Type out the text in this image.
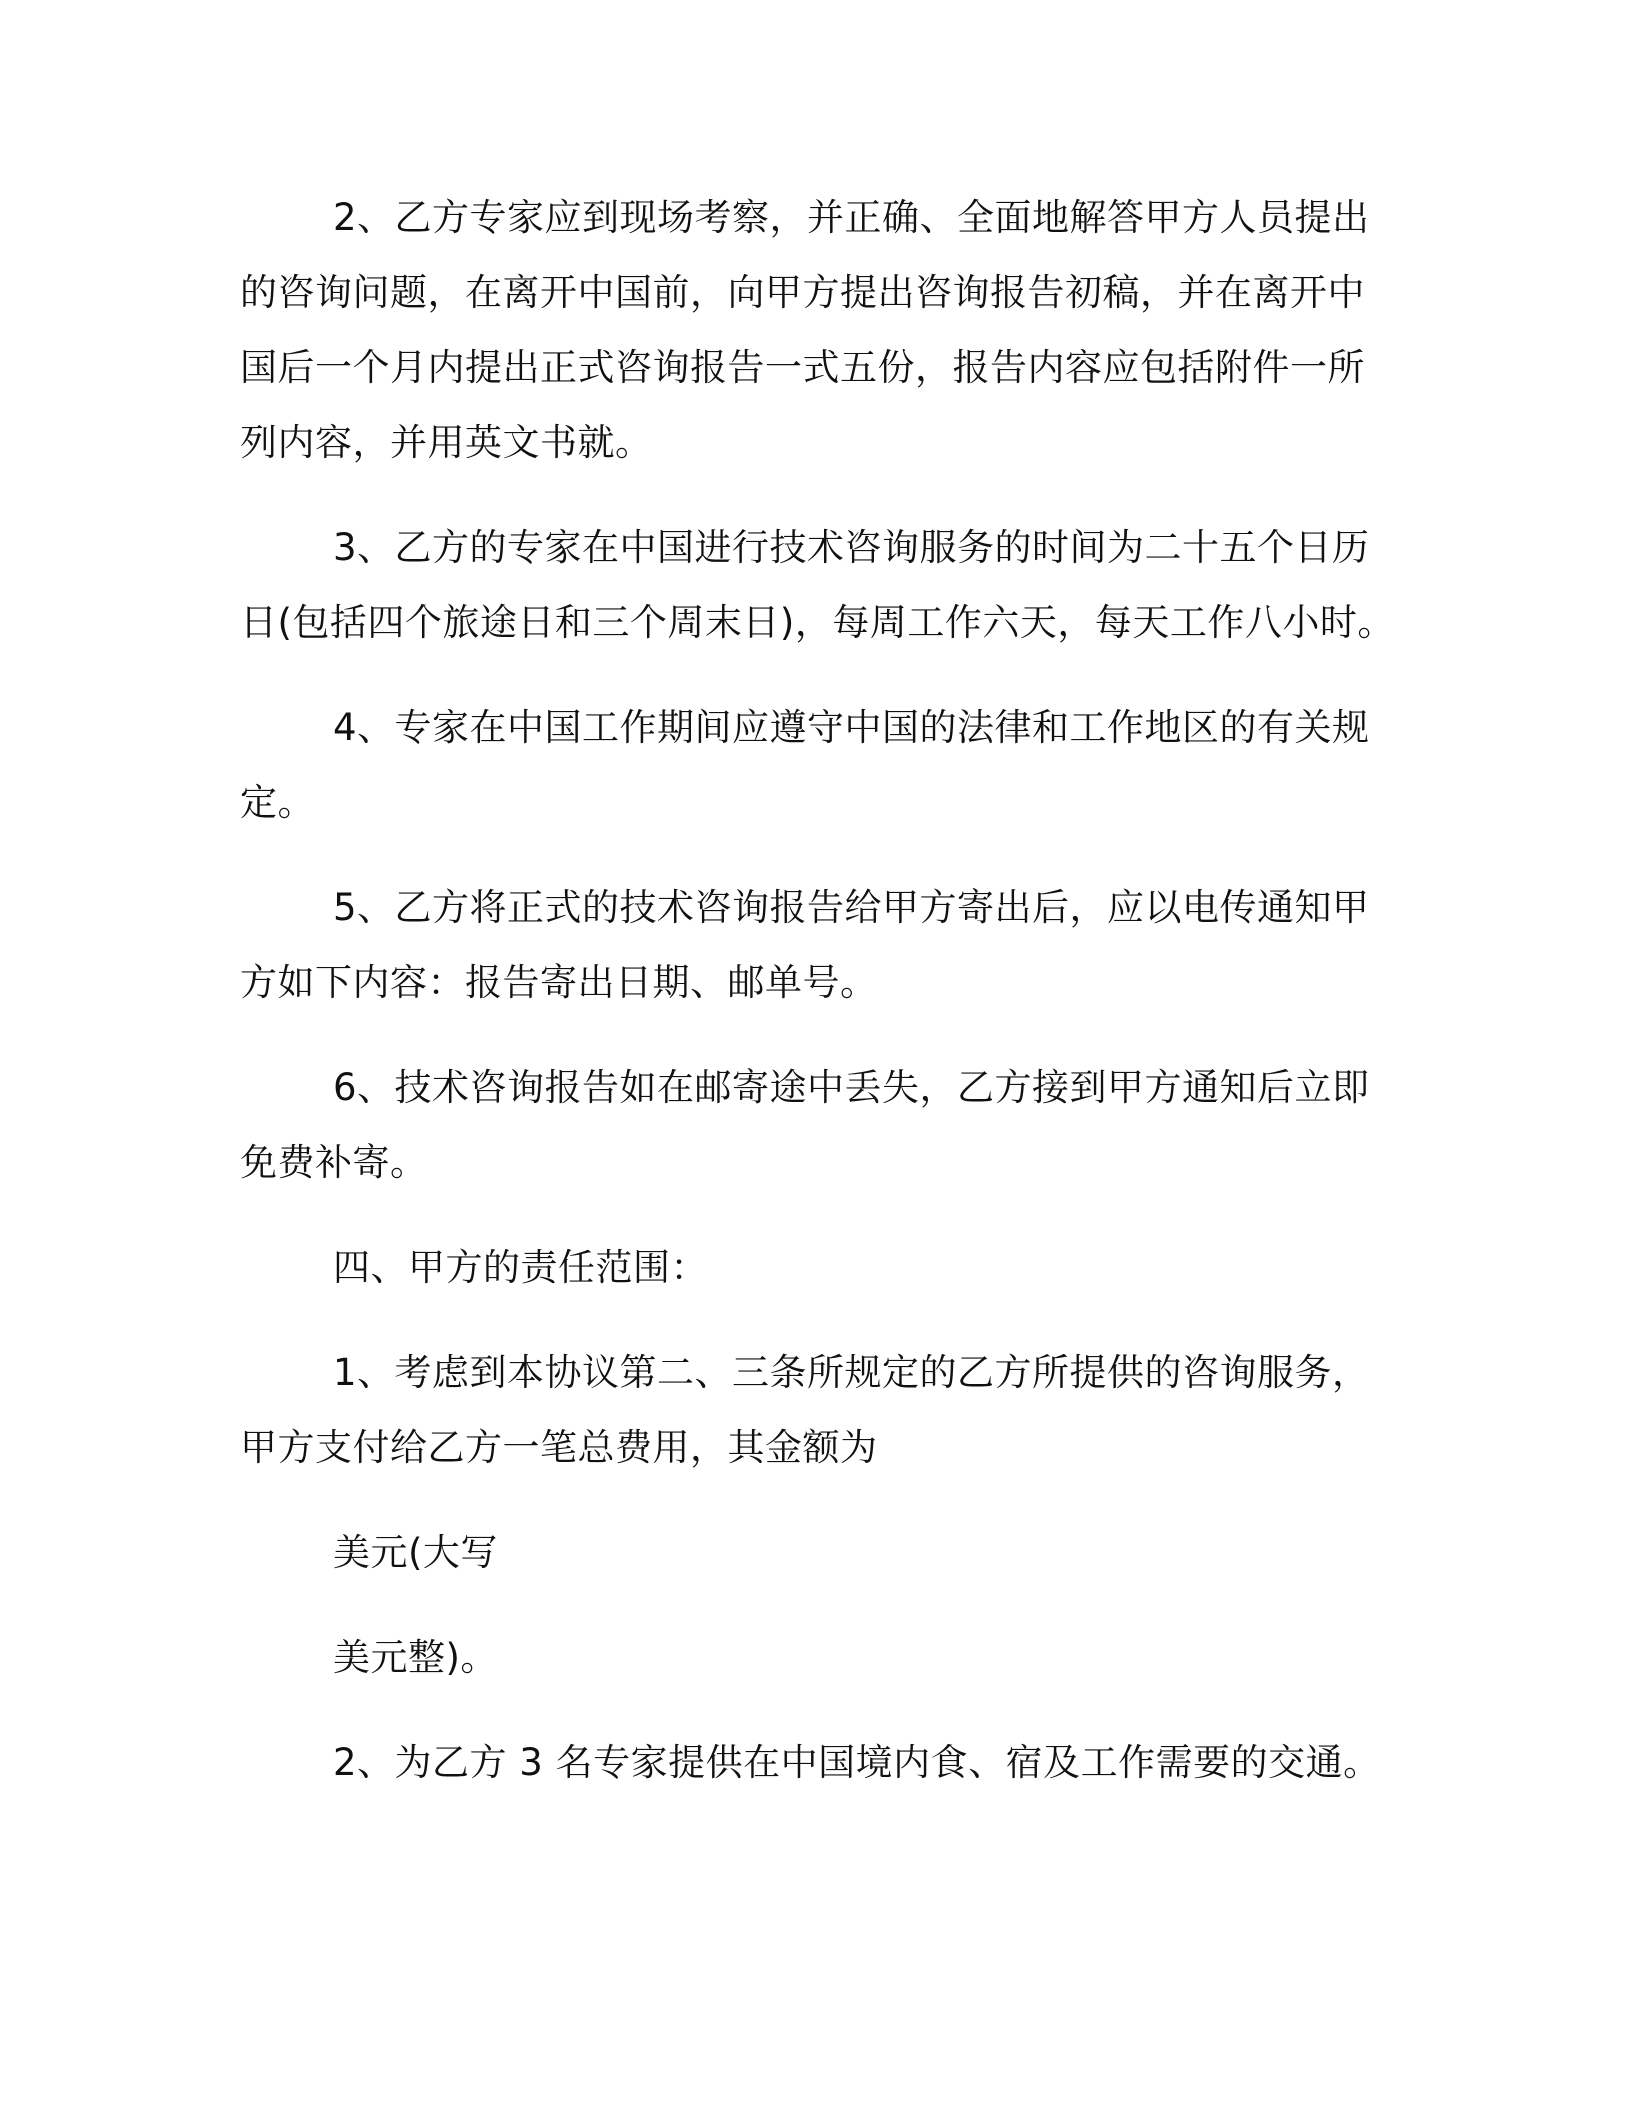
2、乙方专家应到现场考察，并正确、全面地解答甲方人员提出
的咨询问题，在离开中国前，向甲方提出咨询报告初稿，并在离开中
国后一个月内提出正式咨询报告一式五份，报告内容应包括附件一所
列内容，并用英文书就。
3、乙方的专家在中国进行技术咨询服务的时间为二十五个日历
日(包括四个旅途日和三个周末日)，每周工作六天，每天工作八小时。
4、专家在中国工作期间应遵守中国的法律和工作地区的有关规
定。
5、乙方将正式的技术咨询报告给甲方寄出后，应以电传通知甲
方如下内容：报告寄出日期、邮单号。
6、技术咨询报告如在邮寄途中丢失，乙方接到甲方通知后立即
免费补寄。
四、甲方的责任范围：
1、考虑到本协议第二、三条所规定的乙方所提供的咨询服务，
甲方支付给乙方一笔总费用，其金额为
美元(大写
美元整)。
2、为乙方 3 名专家提供在中国境内食、宿及工作需要的交通。
